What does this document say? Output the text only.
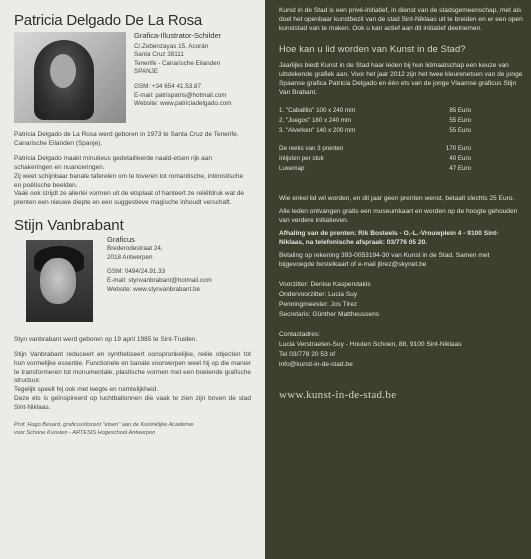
Patricia Delgado De La Rosa
Grafica-Illustrator-Schilder
C/.Zebenzayas 15, Acorán
Santa Cruz 38111
Tenerife - Canarische Eilanden
SPANJE
GSM: +34 654 41.53.87
E-mail: patrispatris@hotmail.com
Website: www.patriciadelgado.com
Patricia Delgado de La Rosa werd geboren in 1973 te Santa Cruz de Tenerife, Canarische Eilanden (Spanje).
Patricia Delgado maakt minutieus gedetailleerde naald-etsen rijk aan schakeringen en nuanceringen.
Zij weet schijnbaar banale taferelen om te toveren tot romantische, intimistische en poëtische beelden.
Vaak ook strijdt ze allerlei vormen uit de etsplaat of hanteert ze reliëfdruk wat de prenten een nieuwe diepte en een suggestieve magische inhoudt verschaft.
Stijn Vanbrabant
Graficus
Brederodestraat 24,
2018 Antwerpen
GSM: 0494/24.91.33
E-mail: stynvanbrabant@hotmail.com
Website: www.stynvanbrabant.be
Styn vanbrabant werd geboren op 19 april 1985 te Sint-Truiden.
Stijn Vanbrabant reduceert en synthetiseert oonspronkelijke, reële objecten tot hun vormelijke essentie. Functionele en banale voorwerpen weet hij op die manier te transformeren tot monumentale, plastische vormen met een boeiende grafische structuur.
Tegelijk speelt hij ook met leegte en ruimtelijkheid.
Deze ets is geïnspireerd op luchtballonnen die vaak te zien zijn boven de stad Sint-Niklaas.
Prof. Hugo Besard, graficus/docent "etsen" aan de Koninklijke Academie
voor Schone Kunsten - ARTESIS Hogeschool Antwerpen
Kunst in de Stad is een privé-initiatief, in dienst van de stadsgemeenschap, met als doel het openbaar kunstbezit van de stad Sint-Niklaas uit te breiden en er een open kunststad van te maken. Ook u kan actief aan dit initiatief deelnemen.
Hoe kan u lid worden van Kunst in de Stad?
Jaarlijks biedt Kunst in de Stad haar leden bij hun lidmaatschap een keuze van uitstekende grafiek aan. Voor het jaar 2012 zijn het twee kleurenetsen van de jonge Spaanse grafica Patricia Delgado en één ets van de jonge Vlaamse graficus Stijn Van Brabant.
1. "Caballito" 100 x 240 mm	85 Euro
2. "Juegos" 180 x 240 mm	55 Euro
3. "Alverken" 140 x 200 mm	55 Euro
De reeks van 3 prenten	170 Euro
Inlijsten per stuk	40 Euro
Luxemap	47 Euro
Wie enkel lid wil worden, en dit jaar geen prenten wenst, betaalt slechts 25 Euro.
Alle leden ontvangen gratis een museumkaart en worden op de hoogte gehouden van verdere initiatieven.
Afhaling van de prenten: Rik Bosteels - O.-L.-Vrouwplein 4 - 9100 Sint-Niklaas, na telefonische afspraak: 03/776 05 20.
Betaling op rekening 393-0053194-30 van Kunst in de Stad. Samen met bijgevoegde bestelkaart of e-mail jtirez@skynet.be
Voorzitter: Denise Kaspendakis
Ondervoorzitter: Lucia Suy
Penningmeester: Jos Tirez
Secretaris: Günther Mattheussens
Contactadres:
Lucia Verstraeten-Suy - Houten Schoen, 88, 9100 Sint-Niklaas
Tel 03/778 20 53 of
info@kunst-in-de-stad.be
www.kunst-in-de-stad.be
